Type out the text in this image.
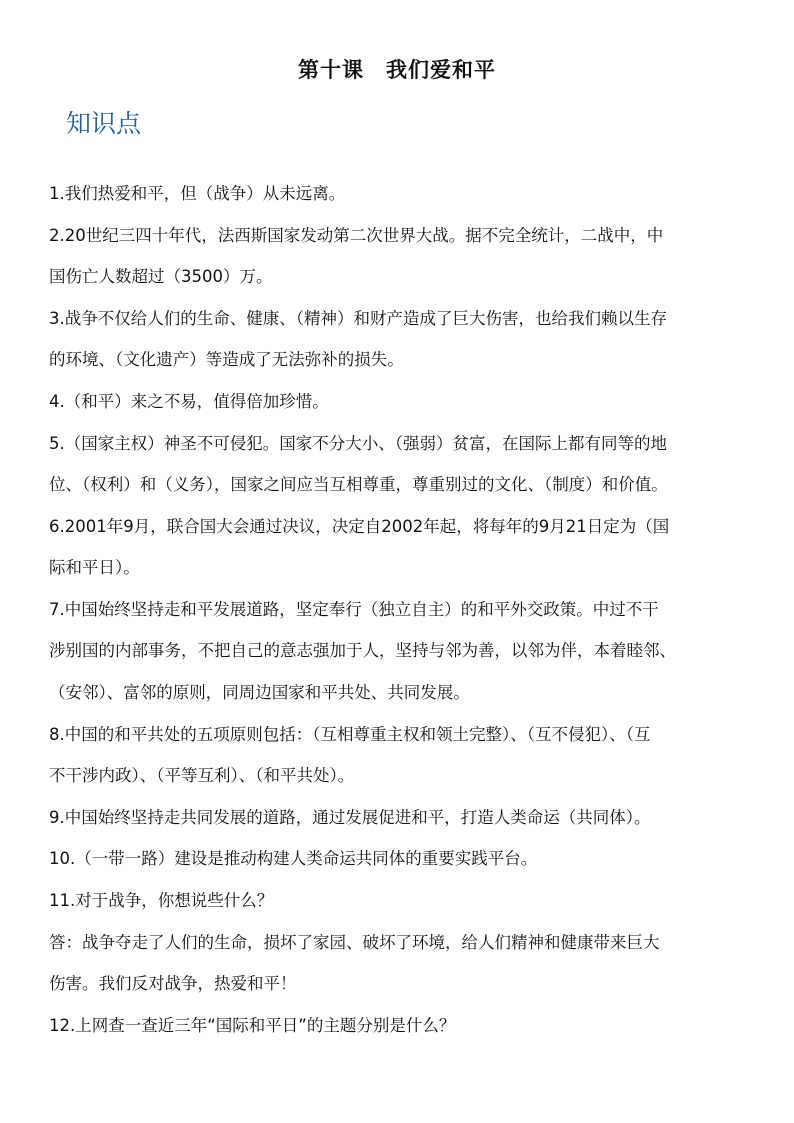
第十课　我们爱和平
知识点
1.我们热爱和平，但（战争）从未远离。
2.20世纪三四十年代，法西斯国家发动第二次世界大战。据不完全统计，二战中，中
国伤亡人数超过（3500）万。
3.战争不仅给人们的生命、健康、（精神）和财产造成了巨大伤害，也给我们赖以生存
的环境、（文化遗产）等造成了无法弥补的损失。
4.（和平）来之不易，值得倍加珍惜。
5.（国家主权）神圣不可侵犯。国家不分大小、（强弱）贫富，在国际上都有同等的地
位、（权利）和（义务），国家之间应当互相尊重，尊重别过的文化、（制度）和价值。
6.2001年9月，联合国大会通过决议，决定自2002年起，将每年的9月21日定为（国
际和平日）。
7.中国始终坚持走和平发展道路，坚定奉行（独立自主）的和平外交政策。中过不干
涉别国的内部事务，不把自己的意志强加于人，坚持与邻为善，以邻为伴，本着睦邻、
（安邻）、富邻的原则，同周边国家和平共处、共同发展。
8.中国的和平共处的五项原则包括：（互相尊重主权和领土完整）、（互不侵犯）、（互
不干涉内政）、（平等互利）、（和平共处）。
9.中国始终坚持走共同发展的道路，通过发展促进和平，打造人类命运（共同体）。
10.（一带一路）建设是推动构建人类命运共同体的重要实践平台。
11.对于战争，你想说些什么？
答：战争夺走了人们的生命，损坏了家园、破坏了环境，给人们精神和健康带来巨大
伤害。我们反对战争，热爱和平！
12.上网查一查近三年“国际和平日”的主题分别是什么？
